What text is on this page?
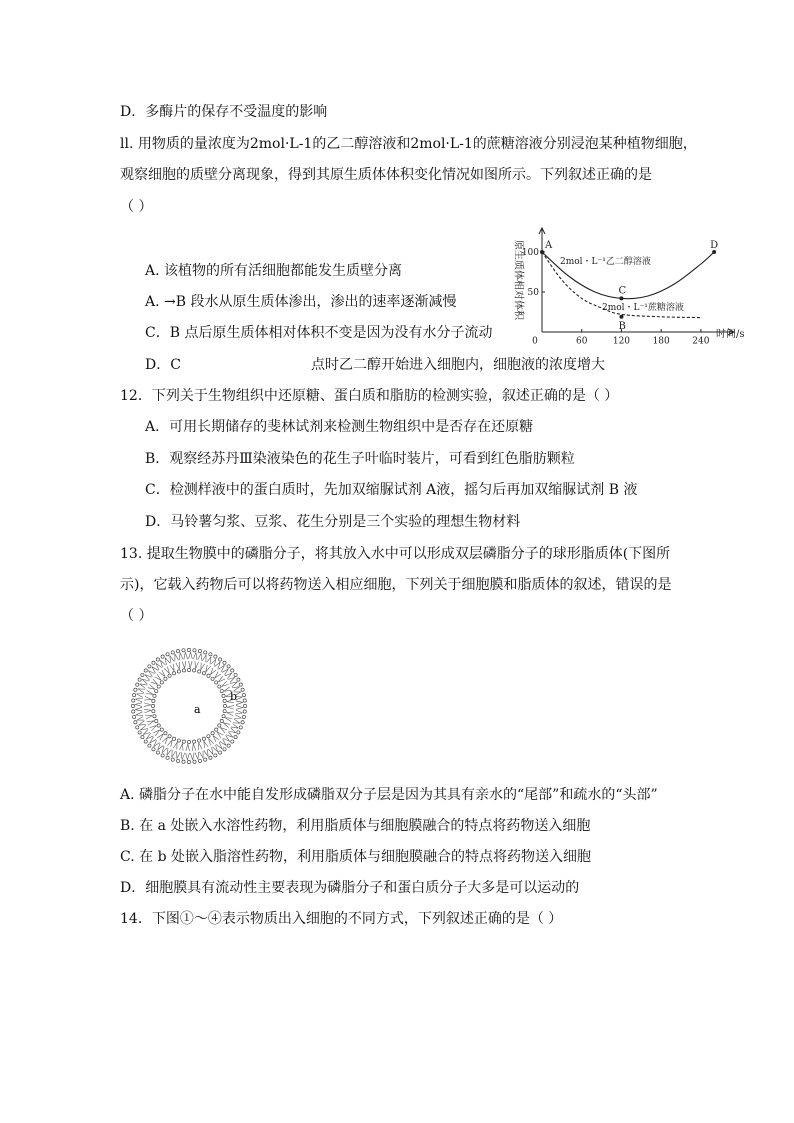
D．多酶片的保存不受温度的影响
ll. 用物质的量浓度为2mol·L-1的乙二醇溶液和2mol·L-1的蔗糖溶液分别浸泡某种植物细胞，
观察细胞的质壁分离现象，得到其原生质体体积变化情况如图所示。下列叙述正确的是
（ ）
A. 该植物的所有活细胞都能发生质壁分离
A. →B 段水从原生质体渗出，渗出的速率逐渐减慢
C．B 点后原生质体相对体积不变是因为没有水分子流动
D．C	点时乙二醇开始进入细胞内，细胞液的浓度增大
原生质体相对体积
时间/s
0	60	120	180	240
100
50
2mol・L⁻¹乙二醇溶液
2mol・L⁻¹蔗糖溶液
A
C
B
D
12．下列关于生物组织中还原糖、蛋白质和脂肪的检测实验，叙述正确的是（ ）
A．可用长期储存的斐林试剂来检测生物组织中是否存在还原糖
B．观察经苏丹Ⅲ染液染色的花生子叶临时装片，可看到红色脂肪颗粒
C．检测样液中的蛋白质时，先加双缩脲试剂 A液，摇匀后再加双缩脲试剂 B 液
D．马铃薯匀浆、豆浆、花生分别是三个实验的理想生物材料
13. 提取生物膜中的磷脂分子，将其放入水中可以形成双层磷脂分子的球形脂质体(下图所
示)，它载入药物后可以将药物送入相应细胞，下列关于细胞膜和脂质体的叙述，错误的是
（ ）
a
b
A. 磷脂分子在水中能自发形成磷脂双分子层是因为其具有亲水的“尾部”和疏水的“头部”
B. 在 a 处嵌入水溶性药物，利用脂质体与细胞膜融合的特点将药物送入细胞
C. 在 b 处嵌入脂溶性药物，利用脂质体与细胞膜融合的特点将药物送入细胞
D．细胞膜具有流动性主要表现为磷脂分子和蛋白质分子大多是可以运动的
14．下图①～④表示物质出入细胞的不同方式，下列叙述正确的是（ ）
